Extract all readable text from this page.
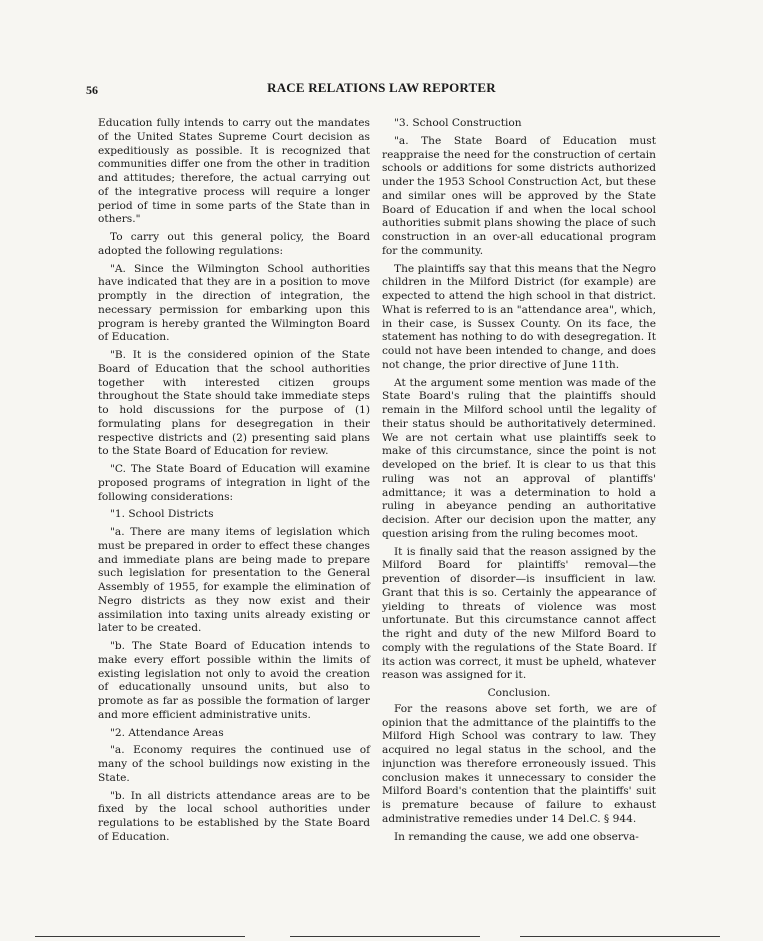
56	RACE RELATIONS LAW REPORTER

Education fully intends to carry out the mandates of the United States Supreme Court decision as expeditiously as possible. It is recognized that communities differ one from the other in tradition and attitudes; therefore, the actual carrying out of the integrative process will require a longer period of time in some parts of the State than in others."

To carry out this general policy, the Board adopted the following regulations:

"A. Since the Wilmington School authorities have indicated that they are in a position to move promptly in the direction of integration, the necessary permission for embarking upon this program is hereby granted the Wilmington Board of Education.

"B. It is the considered opinion of the State Board of Education that the school authorities together with interested citizen groups throughout the State should take immediate steps to hold discussions for the purpose of (1) formulating plans for desegregation in their respective districts and (2) presenting said plans to the State Board of Education for review.

"C. The State Board of Education will examine proposed programs of integration in light of the following considerations:

"1. School Districts

"a. There are many items of legislation which must be prepared in order to effect these changes and immediate plans are being made to prepare such legislation for presentation to the General Assembly of 1955, for example the elimination of Negro districts as they now exist and their assimilation into taxing units already existing or later to be created.

"b. The State Board of Education intends to make every effort possible within the limits of existing legislation not only to avoid the creation of educationally unsound units, but also to promote as far as possible the formation of larger and more efficient administrative units.

"2. Attendance Areas

"a. Economy requires the continued use of many of the school buildings now existing in the State.

"b. In all districts attendance areas are to be fixed by the local school authorities under regulations to be established by the State Board of Education.

"3. School Construction

"a. The State Board of Education must reappraise the need for the construction of certain schools or additions for some districts authorized under the 1953 School Construction Act, but these and similar ones will be approved by the State Board of Education if and when the local school authorities submit plans showing the place of such construction in an over-all educational program for the community.

The plaintiffs say that this means that the Negro children in the Milford District (for example) are expected to attend the high school in that district. What is referred to is an "attendance area", which, in their case, is Sussex County. On its face, the statement has nothing to do with desegregation. It could not have been intended to change, and does not change, the prior directive of June 11th.

At the argument some mention was made of the State Board's ruling that the plaintiffs should remain in the Milford school until the legality of their status should be authoritatively determined. We are not certain what use plaintiffs seek to make of this circumstance, since the point is not developed on the brief. It is clear to us that this ruling was not an approval of plantiffs' admittance; it was a determination to hold a ruling in abeyance pending an authoritative decision. After our decision upon the matter, any question arising from the ruling becomes moot.

It is finally said that the reason assigned by the Milford Board for plaintiffs' removal—the prevention of disorder—is insufficient in law. Grant that this is so. Certainly the appearance of yielding to threats of violence was most unfortunate. But this circumstance cannot affect the right and duty of the new Milford Board to comply with the regulations of the State Board. If its action was correct, it must be upheld, whatever reason was assigned for it.

Conclusion.

For the reasons above set forth, we are of opinion that the admittance of the plaintiffs to the Milford High School was contrary to law. They acquired no legal status in the school, and the injunction was therefore erroneously issued. This conclusion makes it unnecessary to consider the Milford Board's contention that the plaintiffs' suit is premature because of failure to exhaust administrative remedies under 14 Del.C. § 944.

In remanding the cause, we add one observa-
